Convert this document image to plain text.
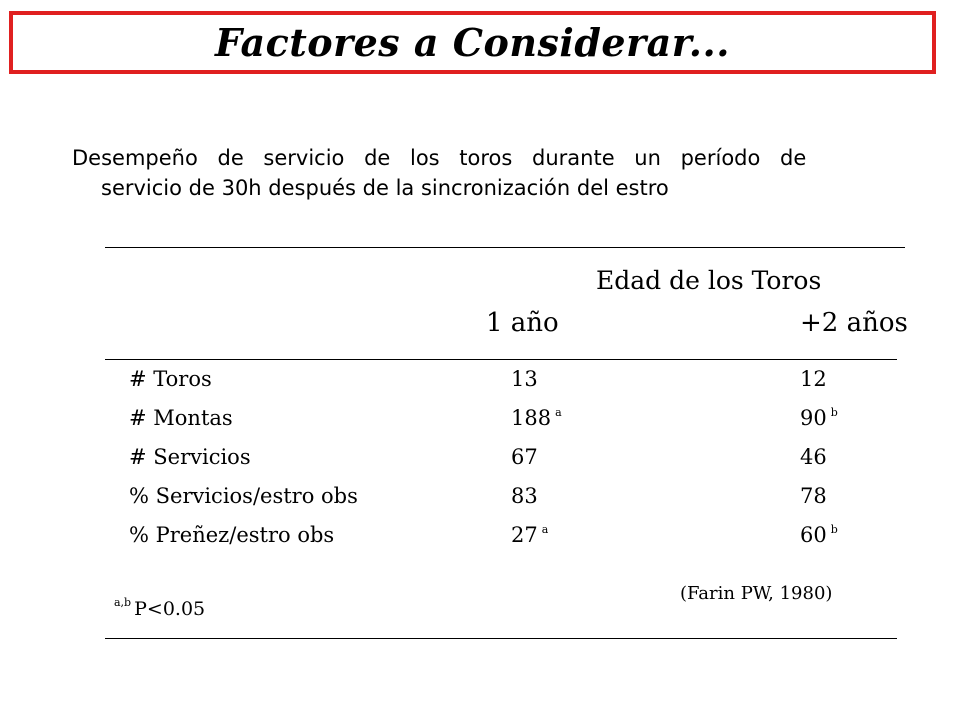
Factores a Considerar...
Desempeño de servicio de los toros durante un período de
servicio de 30h después de la sincronización del estro
Edad de los Toros
1 año	+2 años
# Toros	13	12
# Montas	188 $^a$	90 $^b$
# Servicios	67	46
% Servicios/estro obs	83	78
% Preñez/estro obs	27 $^a$	60 $^b$
$^{a,b}$ P<0.05
(Farin PW, 1980)
